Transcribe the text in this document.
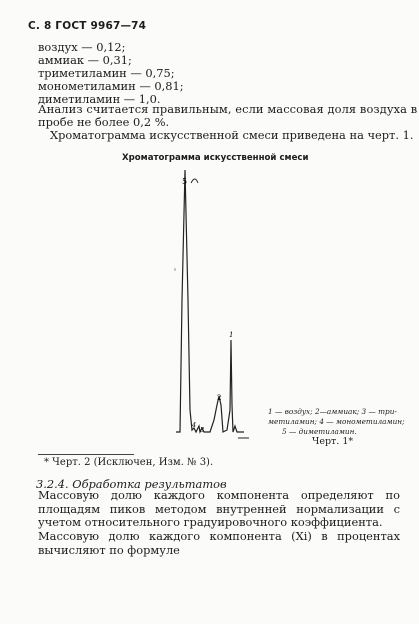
С. 8 ГОСТ 9967—74
воздух — 0,12;
аммиак — 0,31;
триметиламин — 0,75;
монометиламин — 0,81;
диметиламин — 1,0.
Анализ считается правильным, если массовая доля воздуха в
пробе не более 0,2 %.
Хроматограмма искусственной смеси приведена на черт. 1.
Хроматограмма искусственной смеси
5
4
3
2
1
1 — воздух; 2—аммиак; 3 — три-
метиламин; 4 — монометиламин;
5 — диметиламин.
Черт. 1*
* Черт. 2 (Исключен, Изм. № 3).
3.2.4. Обработка результатов
Массовую долю каждого компонента определяют по площадям пиков методом внутренней нормализации с учетом относительного градуировочного коэффициента.
Массовую долю каждого компонента (Xi) в процентах вычисляют по формуле
